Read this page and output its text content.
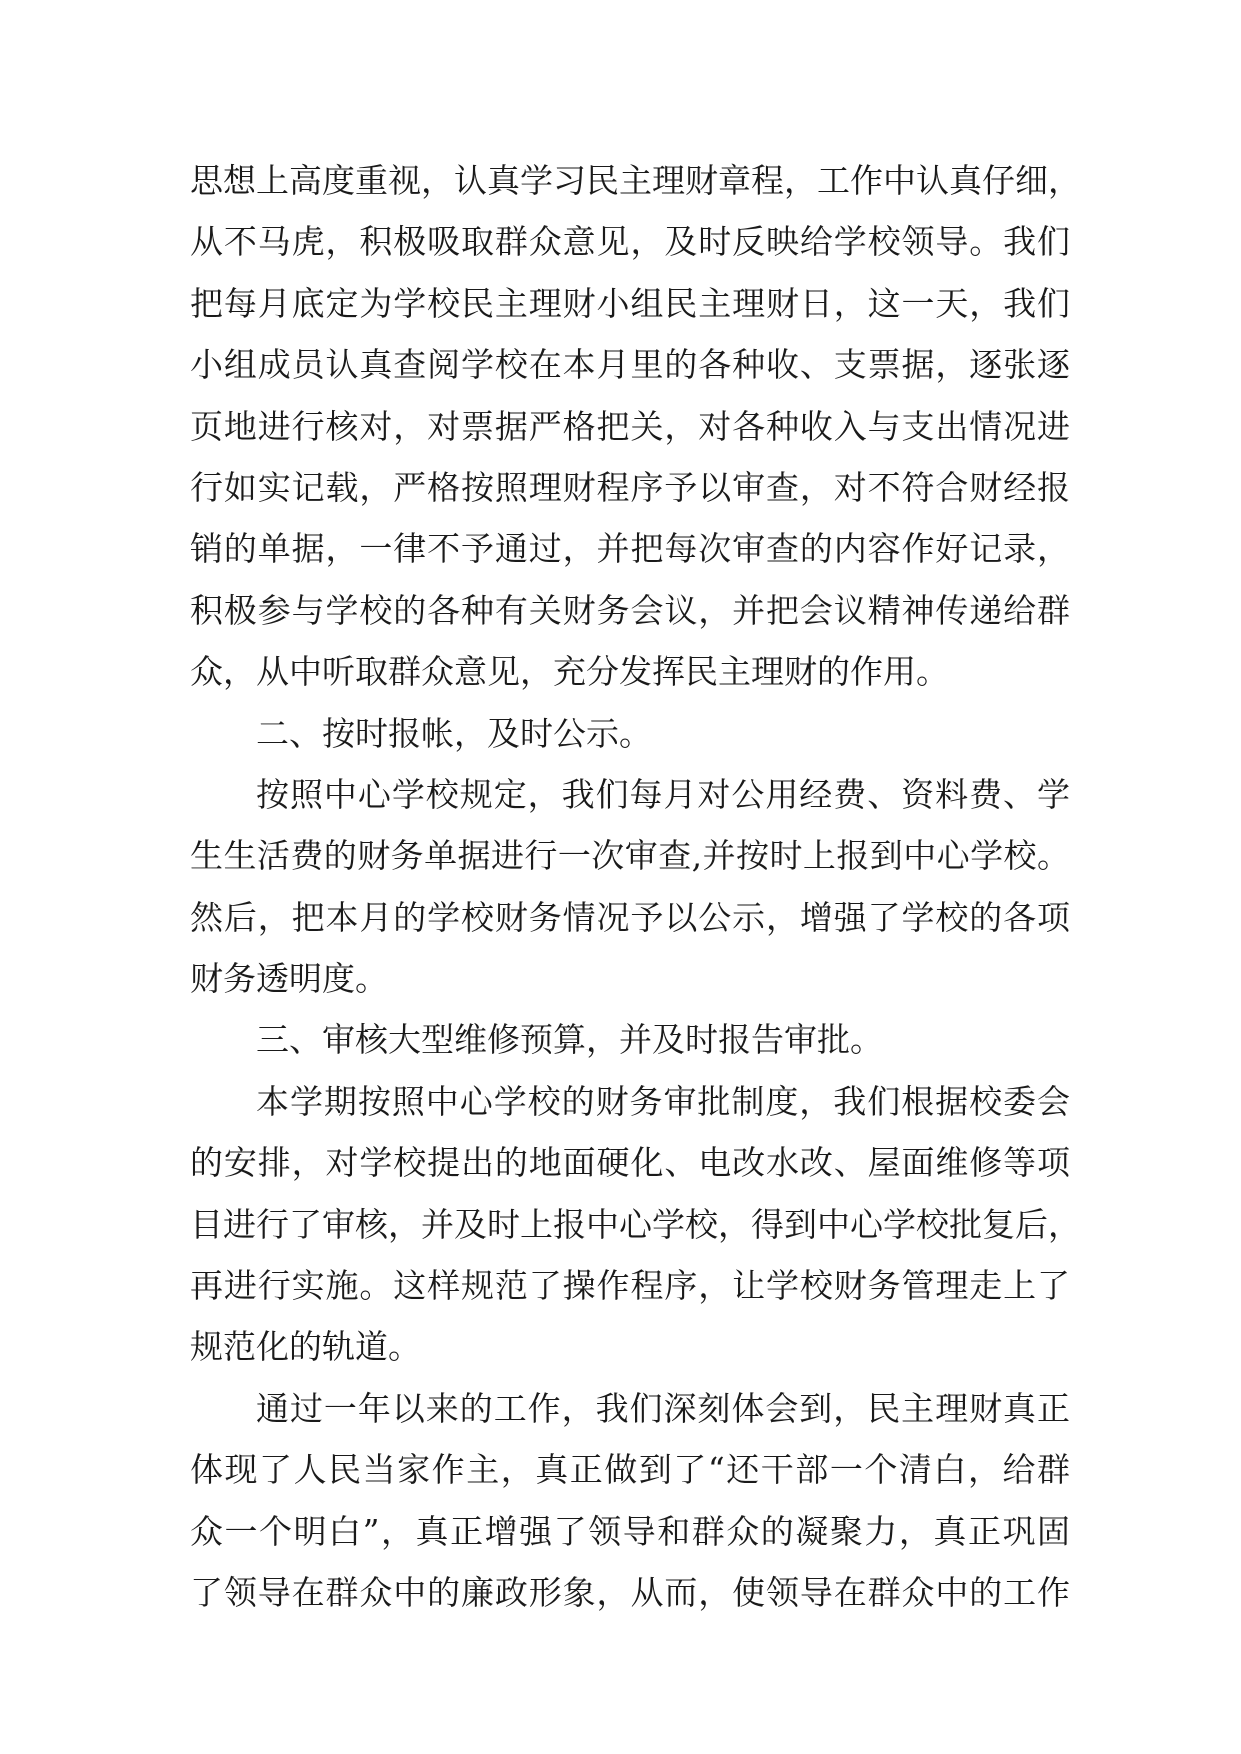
思想上高度重视，认真学习民主理财章程，工作中认真仔细，
从不马虎，积极吸取群众意见，及时反映给学校领导。我们
把每月底定为学校民主理财小组民主理财日，这一天，我们
小组成员认真查阅学校在本月里的各种收、支票据，逐张逐
页地进行核对，对票据严格把关，对各种收入与支出情况进
行如实记载，严格按照理财程序予以审查，对不符合财经报
销的单据，一律不予通过，并把每次审查的内容作好记录，
积极参与学校的各种有关财务会议，并把会议精神传递给群
众，从中听取群众意见，充分发挥民主理财的作用。
二、按时报帐，及时公示。
按照中心学校规定，我们每月对公用经费、资料费、学
生生活费的财务单据进行一次审查,并按时上报到中心学校。
然后，把本月的学校财务情况予以公示，增强了学校的各项
财务透明度。
三、审核大型维修预算，并及时报告审批。
本学期按照中心学校的财务审批制度，我们根据校委会
的安排，对学校提出的地面硬化、电改水改、屋面维修等项
目进行了审核，并及时上报中心学校，得到中心学校批复后，
再进行实施。这样规范了操作程序，让学校财务管理走上了
规范化的轨道。
通过一年以来的工作，我们深刻体会到，民主理财真正
体现了人民当家作主，真正做到了“还干部一个清白，给群
众一个明白”，真正增强了领导和群众的凝聚力，真正巩固
了领导在群众中的廉政形象，从而，使领导在群众中的工作
